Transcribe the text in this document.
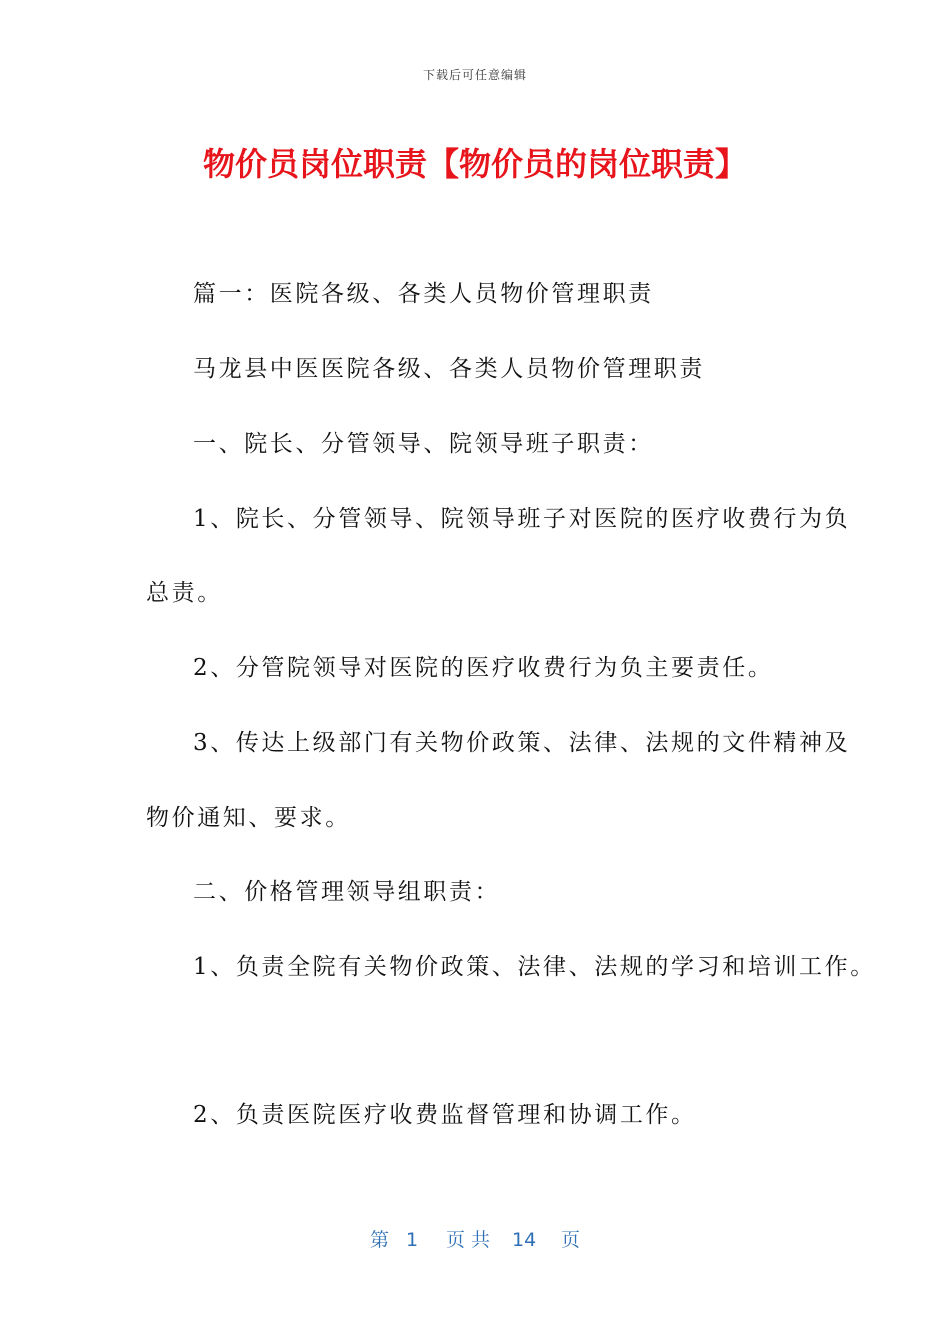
下载后可任意编辑
物价员岗位职责【物价员的岗位职责】
篇一：医院各级、各类人员物价管理职责
马龙县中医医院各级、各类人员物价管理职责
一、院长、分管领导、院领导班子职责：
1、院长、分管领导、院领导班子对医院的医疗收费行为负
总责。
2、分管院领导对医院的医疗收费行为负主要责任。
3、传达上级部门有关物价政策、法律、法规的文件精神及
物价通知、要求。
二、价格管理领导组职责：
1、负责全院有关物价政策、法律、法规的学习和培训工作。
2、负责医院医疗收费监督管理和协调工作。
第 1 页 共 14 页
